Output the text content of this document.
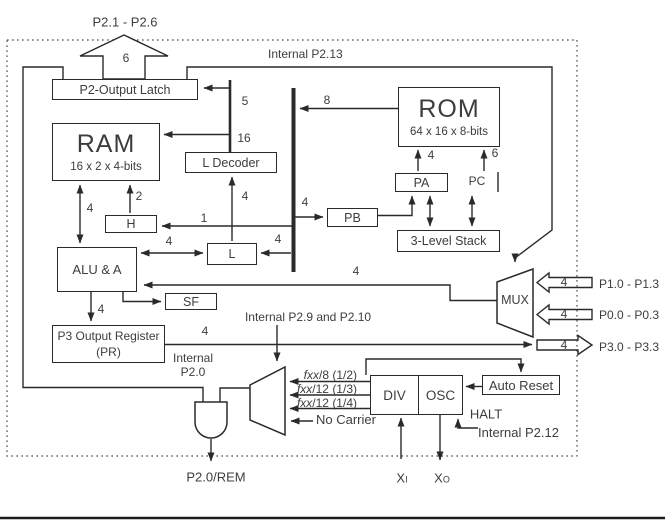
P2-Output Latch
RAM
16 x 2 x 4-bits	L Decoder
ROM
64 x 16 x 8-bits
PA
PB
3-Level Stack
H
L
ALU & A
SF
P3 Output Register
(PR)
DIV OSC
Auto Reset
P2.1 - P2.6
6	Internal P2.13
5
16
8
4
4	6
PC
1
2
4
4
4	4
4
4
4
Internal P2.9 and P2.10
Internal
P2.0	fxx/8 (1/2)
fxx/12 (1/3)
fxx/12 (1/4)
No Carrier
P2.0/REM
HALT
Internal P2.12
XI XO
MUX
4
4
4
P1.0 - P1.3
P0.0 - P0.3
P3.0 - P3.3
